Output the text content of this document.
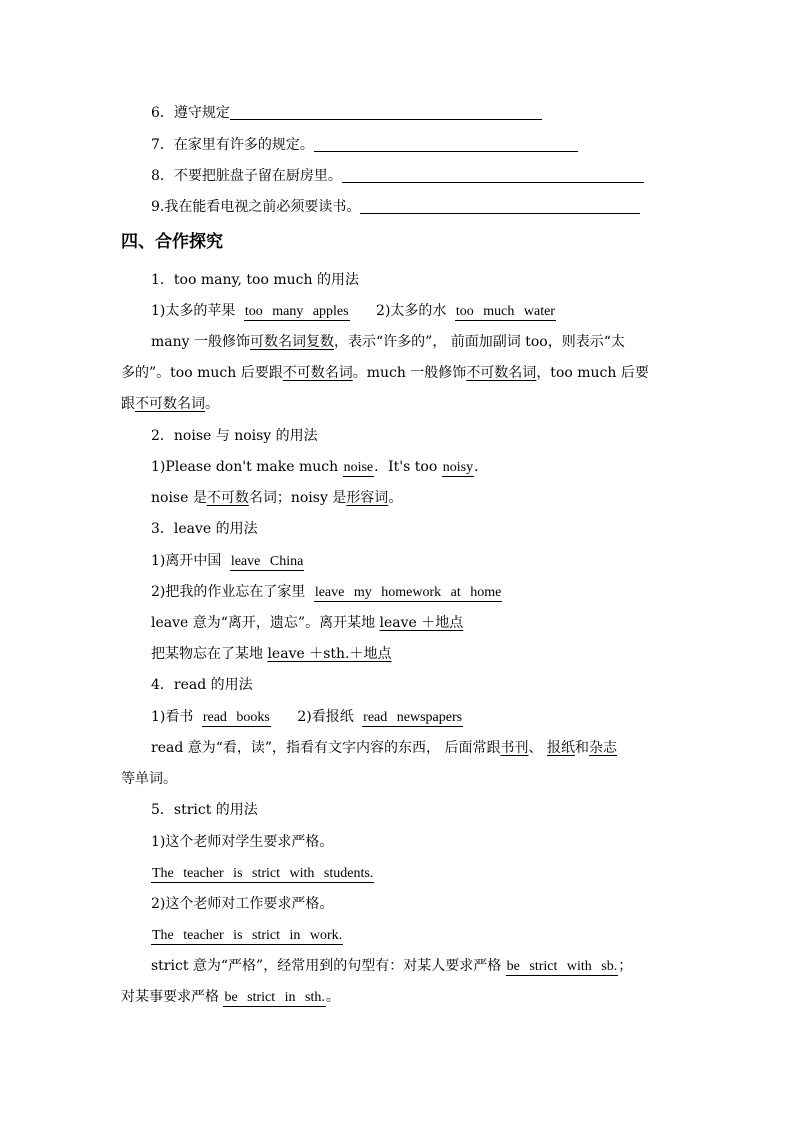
6．遵守规定
7．在家里有许多的规定。
8．不要把脏盘子留在厨房里。
9.我在能看电视之前必须要读书。
四、合作探究
1．too many, too much 的用法
1)太多的苹果 too many apples 2)太多的水 too much water
many 一般修饰可数名词复数，表示“许多的”， 前面加副词 too，则表示“太
多的”。too much 后要跟不可数名词。much 一般修饰不可数名词，too much 后要
跟不可数名词。
2．noise 与 noisy 的用法
1)Please don't make much noise．It's too noisy．
noise 是不可数名词；noisy 是形容词。
3．leave 的用法
1)离开中国 leave China
2)把我的作业忘在了家里 leave my homework at home
leave 意为“离开，遗忘”。离开某地 leave ＋地点
把某物忘在了某地 leave ＋sth.＋地点
4．read 的用法
1)看书 read books 2)看报纸 read newspapers
read 意为“看，读”，指看有文字内容的东西， 后面常跟书刊、 报纸和杂志
等单词。
5．strict 的用法
1)这个老师对学生要求严格。
The teacher is strict with students.
2)这个老师对工作要求严格。
The teacher is strict in work.
strict 意为“严格”，经常用到的句型有：对某人要求严格 be strict with sb.；
对某事要求严格 be strict in sth.。
